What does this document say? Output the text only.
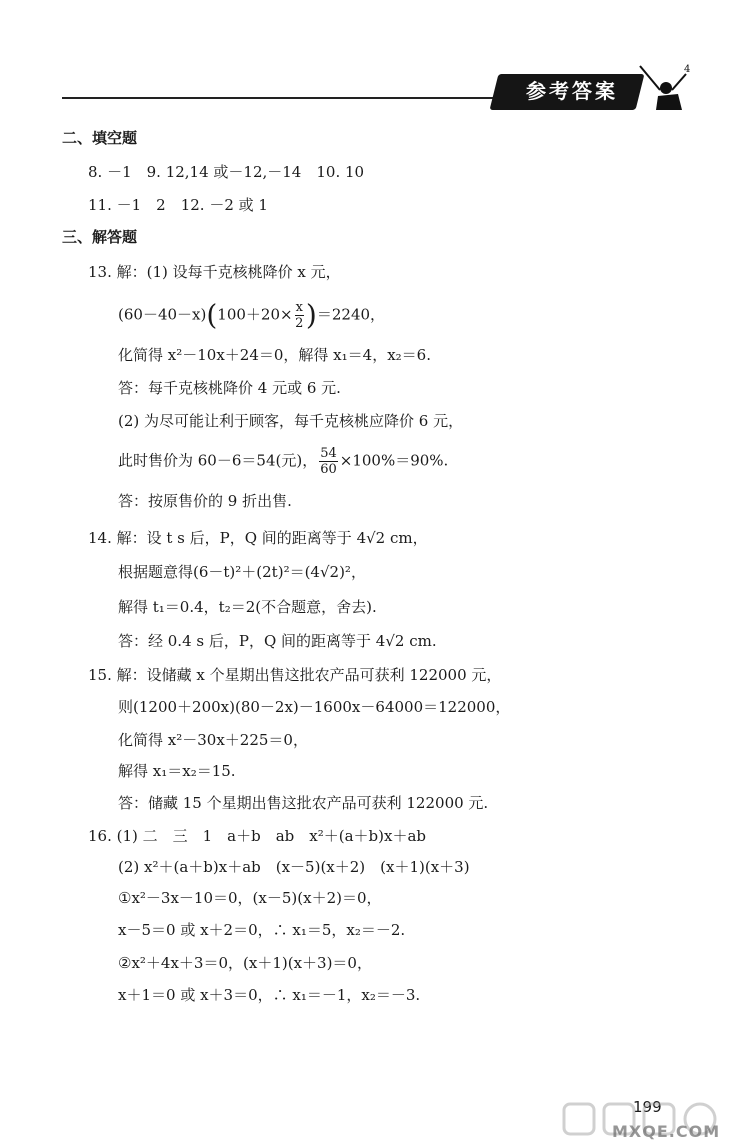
参考答案
4
二、填空题
8. －1　9. 12,14 或－12,－14　10. 10
11. －1　2　12. －2 或 1
三、解答题
13. 解：(1) 设每千克核桃降价 x 元，
$(60-40-x)(100+20\times \frac{x}{2} )=2240$，
化简得 x²－10x＋24＝0，解得 x₁＝4，x₂＝6.
答：每千克核桃降价 4 元或 6 元.
(2) 为尽可能让利于顾客，每千克核桃应降价 6 元，
此时售价为 60－6＝54(元)， $\frac{54}{60} \times 100\%=90\%$.
答：按原售价的 9 折出售.
14. 解：设 t s 后，P，Q 间的距离等于 4√2 cm，
根据题意得(6－t)²＋(2t)²＝(4√2)²，
解得 t₁＝0.4，t₂＝2(不合题意，舍去).
答：经 0.4 s 后，P，Q 间的距离等于 4√2 cm.
15. 解：设储藏 x 个星期出售这批农产品可获利 122000 元，
则(1200＋200x)(80－2x)－1600x－64000＝122000，
化简得 x²－30x＋225＝0，
解得 x₁＝x₂＝15.
答：储藏 15 个星期出售这批农产品可获利 122000 元.
16. (1) 二　三　1　a＋b　ab　x²＋(a＋b)x＋ab
(2) x²＋(a＋b)x＋ab　(x－5)(x＋2)　(x＋1)(x＋3)
①x²－3x－10＝0，(x－5)(x＋2)＝0，
x－5＝0 或 x＋2＝0，∴ x₁＝5，x₂＝－2.
②x²＋4x＋3＝0，(x＋1)(x＋3)＝0，
x＋1＝0 或 x＋3＝0，∴ x₁＝－1，x₂＝－3.
199
MXQE.COM
